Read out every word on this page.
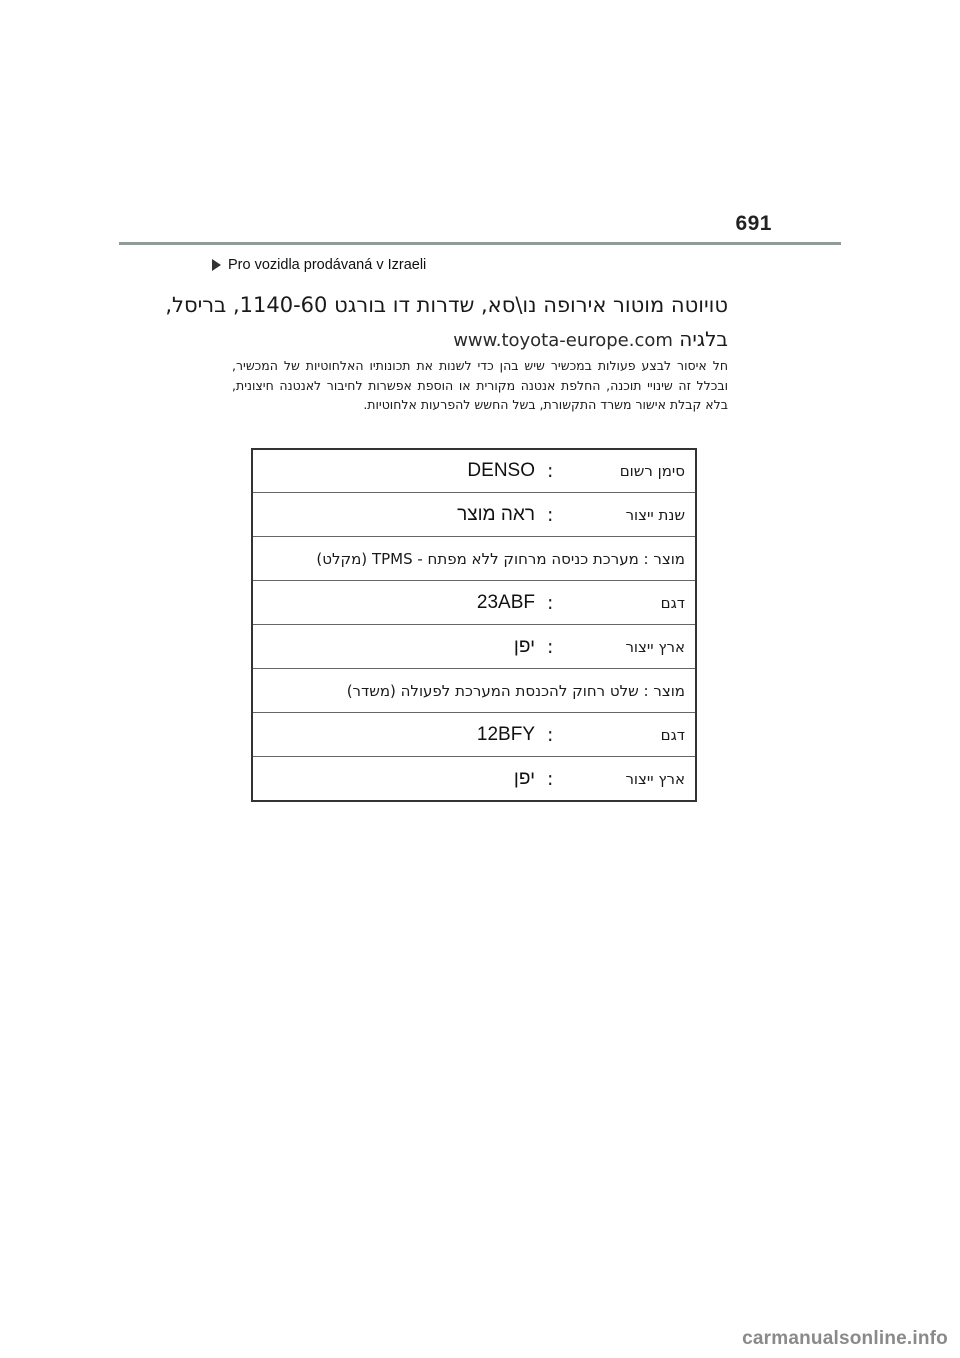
691
Pro vozidla prodávaná v Izraeli
טויוטה מוטור אירופה נו\סא, שדרות דו בורגט 1140-60, בריסל,
בלגיה www.toyota-europe.com
חל איסור לבצע פעולות במכשיר שיש בהן כדי לשנות את תכונותיו האלחוטיות של המכשיר, ובכלל זה שינויי תוכנה, החלפת אנטנה מקורית או הוספת אפשרות לחיבור לאנטנה חיצונית, בלא קבלת אישור משרד התקשורת, בשל החשש להפרעות אלחוטיות.
סימן רשום
:
DENSO
שנת ייצור
:
ראה מוצר
מוצר : מערכת כניסה מרחוק ללא מפתח - TPMS (מקלט)
דגם
:
23ABF
ארץ ייצור
:
יפן
מוצר : שלט רחוק להכנסת המערכת לפעולה (משדר)
דגם
:
12BFY
ארץ ייצור
:
יפן
carmanualsonline.info
